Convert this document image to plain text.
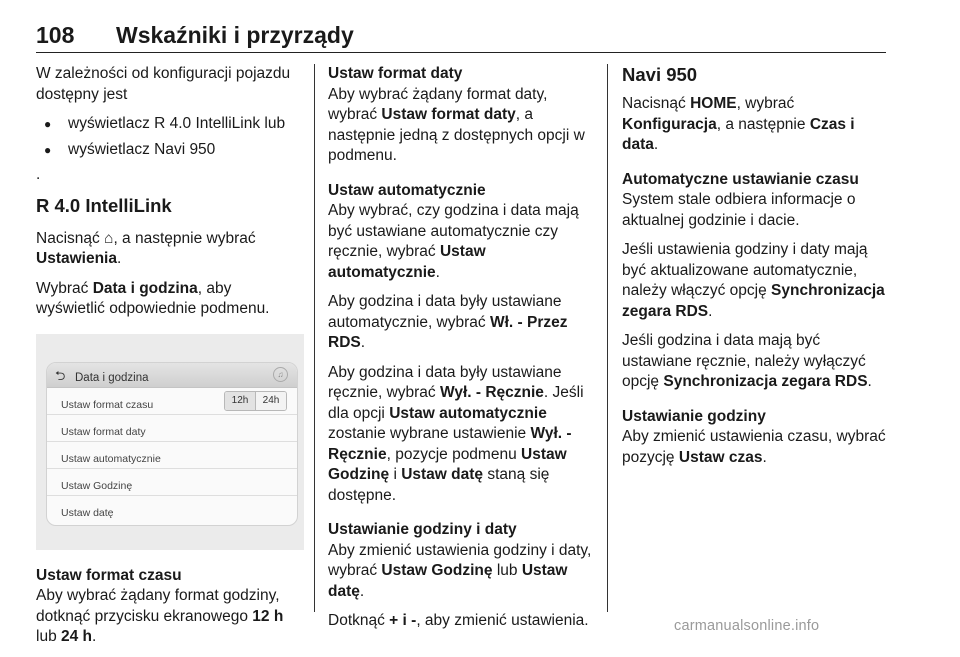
108 Wskaźniki i przyrządy

W zależności od konfiguracji pojazdu dostępny jest

● wyświetlacz R 4.0 IntelliLink lub
● wyświetlacz Navi 950

.

R 4.0 IntelliLink

Nacisnąć ⌂, a następnie wybrać
Ustawienia.

Wybrać Data i godzina, aby wyświetlić odpowiednie podmenu.

⮌ Data i godzina	♫
Ustaw format czasu	12h	24h
Ustaw format daty
Ustaw automatycznie
Ustaw Godzinę
Ustaw datę
Ustaw format czasu

Aby wybrać żądany format godziny, dotknąć przycisku ekranowego 12 h lub 24 h.

Ustaw format daty

Aby wybrać żądany format daty, wybrać Ustaw format daty, a następnie jedną z dostępnych opcji w podmenu.

Ustaw automatycznie

Aby wybrać, czy godzina i data mają być ustawiane automatycznie czy ręcznie, wybrać Ustaw automatycznie.

Aby godzina i data były ustawiane automatycznie, wybrać Wł. - Przez RDS.

Aby godzina i data były ustawiane ręcznie, wybrać Wył. - Ręcznie. Jeśli dla opcji Ustaw automatycznie zostanie wybrane ustawienie Wył. - Ręcznie, pozycje podmenu Ustaw Godzinę i Ustaw datę staną się dostępne.

Ustawianie godziny i daty

Aby zmienić ustawienia godziny i daty, wybrać Ustaw Godzinę lub Ustaw datę.

Dotknąć + i -, aby zmienić ustawienia.

Navi 950

Nacisnąć HOME, wybrać Konfiguracja, a następnie Czas i data.

Automatyczne ustawianie czasu

System stale odbiera informacje o aktualnej godzinie i dacie.

Jeśli ustawienia godziny i daty mają być aktualizowane automatycznie, należy włączyć opcję Synchronizacja zegara RDS.

Jeśli godzina i data mają być ustawiane ręcznie, należy wyłączyć opcję Synchronizacja zegara RDS.

Ustawianie godziny

Aby zmienić ustawienia czasu, wybrać pozycję Ustaw czas.

carmanualsonline.info
